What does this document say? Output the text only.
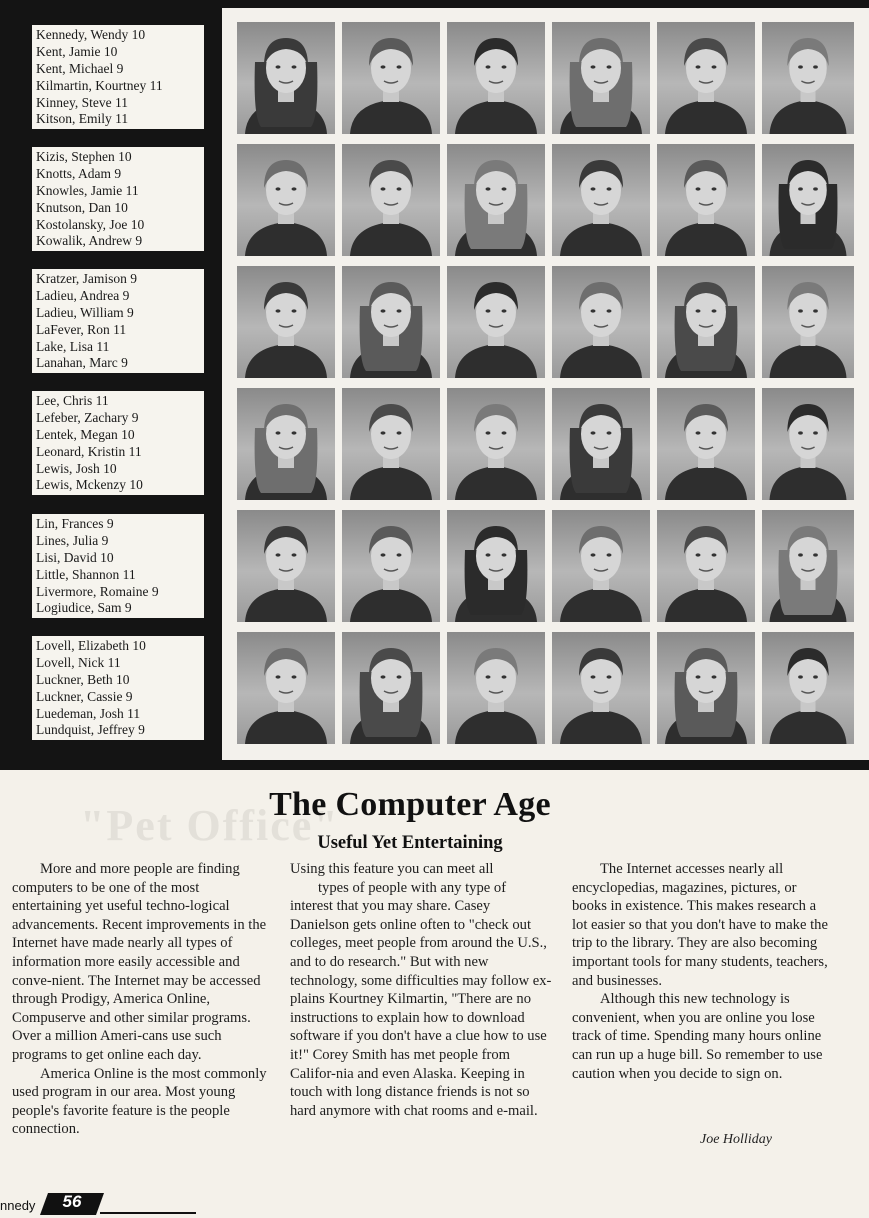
Kennedy, Wendy 10
Kent, Jamie 10
Kent, Michael 9
Kilmartin, Kourtney 11
Kinney, Steve 11
Kitson, Emily 11
Kizis, Stephen 10
Knotts, Adam 9
Knowles, Jamie 11
Knutson, Dan 10
Kostolansky, Joe 10
Kowalik, Andrew 9
Kratzer, Jamison 9
Ladieu, Andrea 9
Ladieu, William 9
LaFever, Ron 11
Lake, Lisa 11
Lanahan, Marc 9
Lee, Chris 11
Lefeber, Zachary 9
Lentek, Megan 10
Leonard, Kristin 11
Lewis, Josh 10
Lewis, Mckenzy 10
Lin, Frances 9
Lines, Julia 9
Lisi, David 10
Little, Shannon 11
Livermore, Romaine 9
Logiudice, Sam 9
Lovell, Elizabeth 10
Lovell, Nick 11
Luckner, Beth 10
Luckner, Cassie 9
Luedeman, Josh 11
Lundquist, Jeffrey 9
"Pet Office"
The Computer Age
Useful Yet Entertaining

More and more people are finding computers to be one of the most entertaining yet useful techno-logical advancements. Recent improvements in the Internet have made nearly all types of information more easily accessible and conve-nient. The Internet may be accessed through Prodigy, America Online, Compuserve and other similar programs. Over a million Ameri-cans use such programs to get online each day.

America Online is the most commonly used program in our area. Most young people's favorite feature is the people connection.

Using this feature you can meet all

types of people with any type of interest that you may share. Casey Danielson gets online often to "check out colleges, meet people from around the U.S., and to do research." But with new technology, some difficulties may follow ex-plains Kourtney Kilmartin, "There are no instructions to explain how to download software if you don't have a clue how to use it!" Corey Smith has met people from Califor-nia and even Alaska. Keeping in touch with long distance friends is not so hard anymore with chat rooms and e-mail.

The Internet accesses nearly all encyclopedias, magazines, pictures, or books in existence. This makes research a lot easier so that you don't have to make the trip to the library. They are also becoming important tools for many students, teachers, and businesses.

Although this new technology is convenient, when you are online you lose track of time. Spending many hours online can run up a huge bill. So remember to use caution when you decide to sign on.

Joe Holliday
nnedy	56
